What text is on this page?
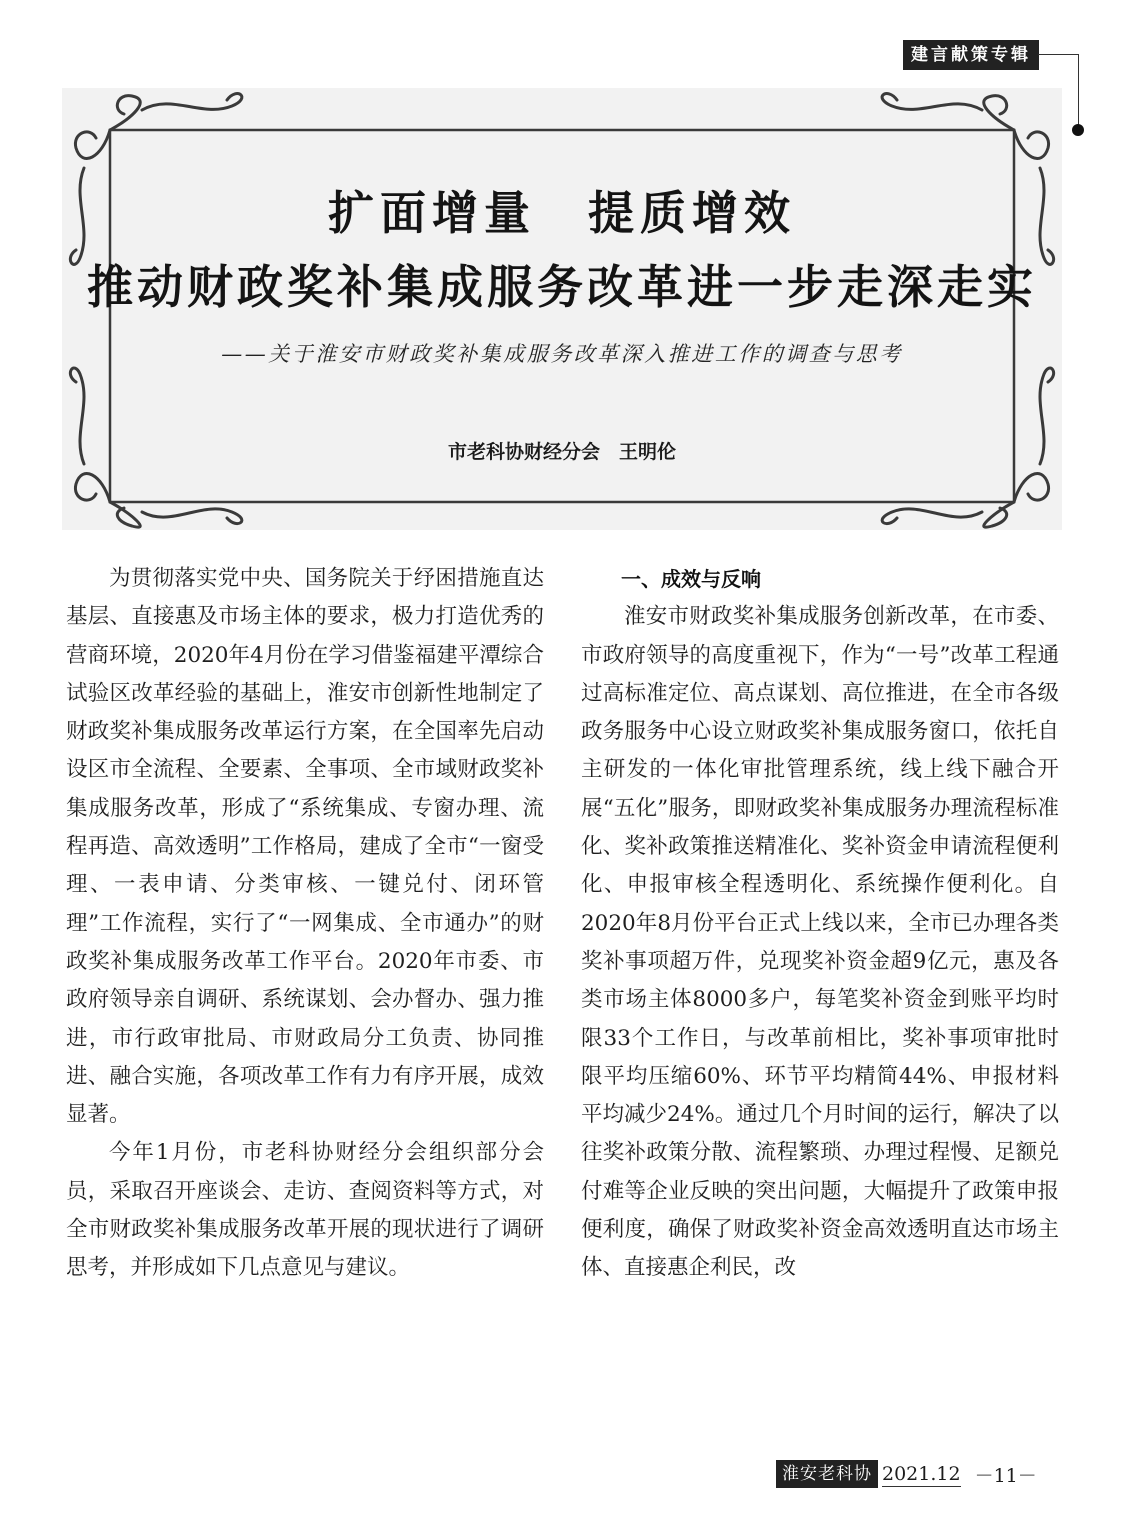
建言献策专辑
扩面增量　提质增效
推动财政奖补集成服务改革进一步走深走实
——关于淮安市财政奖补集成服务改革深入推进工作的调查与思考
市老科协财经分会　王明伦

为贯彻落实党中央、国务院关于纾困措施直达基层、直接惠及市场主体的要求，极力打造优秀的营商环境，2020年4月份在学习借鉴福建平潭综合试验区改革经验的基础上，淮安市创新性地制定了财政奖补集成服务改革运行方案，在全国率先启动设区市全流程、全要素、全事项、全市域财政奖补集成服务改革，形成了“系统集成、专窗办理、流程再造、高效透明”工作格局，建成了全市“一窗受理、一表申请、分类审核、一键兑付、闭环管理”工作流程，实行了“一网集成、全市通办”的财政奖补集成服务改革工作平台。2020年市委、市政府领导亲自调研、系统谋划、会办督办、强力推进，市行政审批局、市财政局分工负责、协同推进、融合实施，各项改革工作有力有序开展，成效显著。

今年1月份，市老科协财经分会组织部分会员，采取召开座谈会、走访、查阅资料等方式，对全市财政奖补集成服务改革开展的现状进行了调研思考，并形成如下几点意见与建议。

一、成效与反响

淮安市财政奖补集成服务创新改革，在市委、市政府领导的高度重视下，作为“一号”改革工程通过高标准定位、高点谋划、高位推进，在全市各级政务服务中心设立财政奖补集成服务窗口，依托自主研发的一体化审批管理系统，线上线下融合开展“五化”服务，即财政奖补集成服务办理流程标准化、奖补政策推送精准化、奖补资金申请流程便利化、申报审核全程透明化、系统操作便利化。自2020年8月份平台正式上线以来，全市已办理各类奖补事项超万件，兑现奖补资金超9亿元，惠及各类市场主体8000多户，每笔奖补资金到账平均时限33个工作日，与改革前相比，奖补事项审批时限平均压缩60%、环节平均精简44%、申报材料平均减少24%。通过几个月时间的运行，解决了以往奖补政策分散、流程繁琐、办理过程慢、足额兑付难等企业反映的突出问题，大幅提升了政策申报便利度，确保了财政奖补资金高效透明直达市场主体、直接惠企利民，改

淮安老科协 2021.12 －11－
